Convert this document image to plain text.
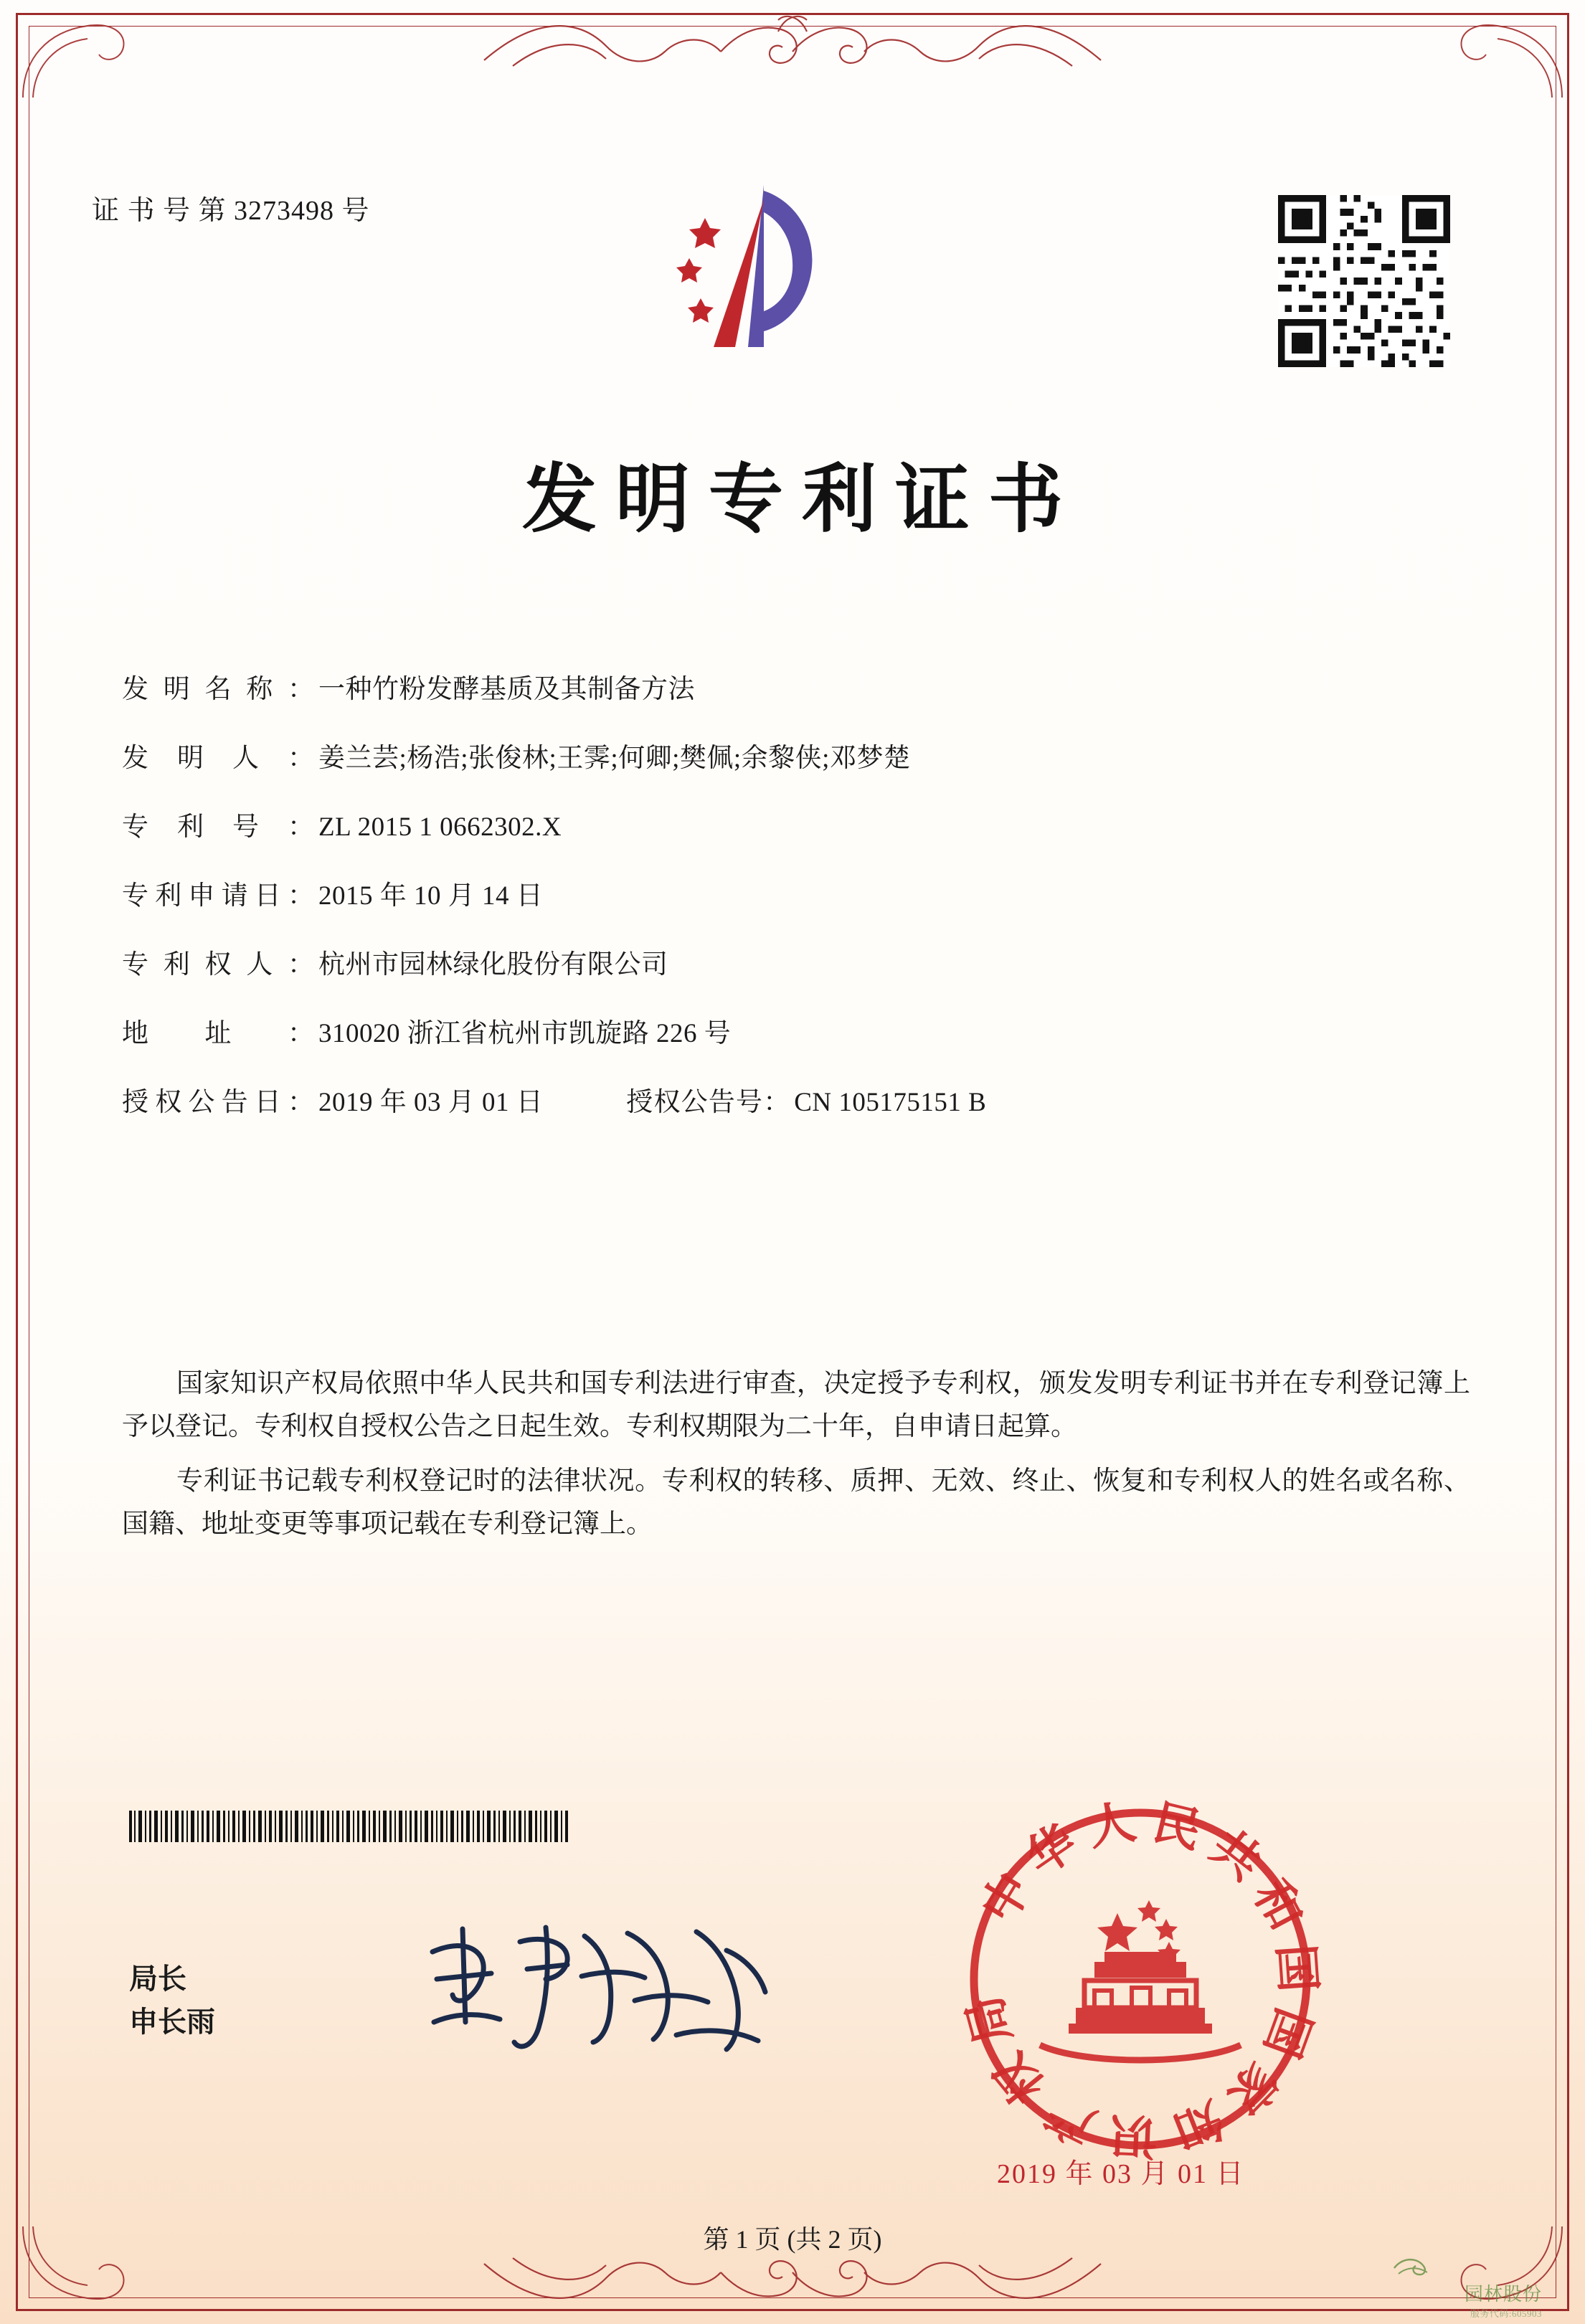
证 书 号 第 3273498 号
发明专利证书
发 明 名 称 ： 一种竹粉发酵基质及其制备方法
发 明 人 ： 姜兰芸;杨浩;张俊林;王霁;何卿;樊佩;余黎侠;邓梦楚
专 利 号 ： ZL 2015 1 0662302.X
专 利 申 请 日 ： 2015 年 10 月 14 日
专 利 权 人 ： 杭州市园林绿化股份有限公司
地 址 ： 310020 浙江省杭州市凯旋路 226 号
授 权 公 告 日 ： 2019 年 03 月 01 日	授 权 公 告 号 ： CN 105175151 B

国家知识产权局依照中华人民共和国专利法进行审查，决定授予专利权，颁发发明专利证书并在专利登记簿上予以登记。专利权自授权公告之日起生效。专利权期限为二十年，自申请日起算。

专利证书记载专利权登记时的法律状况。专利权的转移、质押、无效、终止、恢复和专利权人的姓名或名称、国籍、地址变更等事项记载在专利登记簿上。

局长
申长雨
中 华 人 民 共 和 国 国 家 知 识 产 权 局
2019 年 03 月 01 日
第 1 页 (共 2 页)
园林股份
服务代码:605903
